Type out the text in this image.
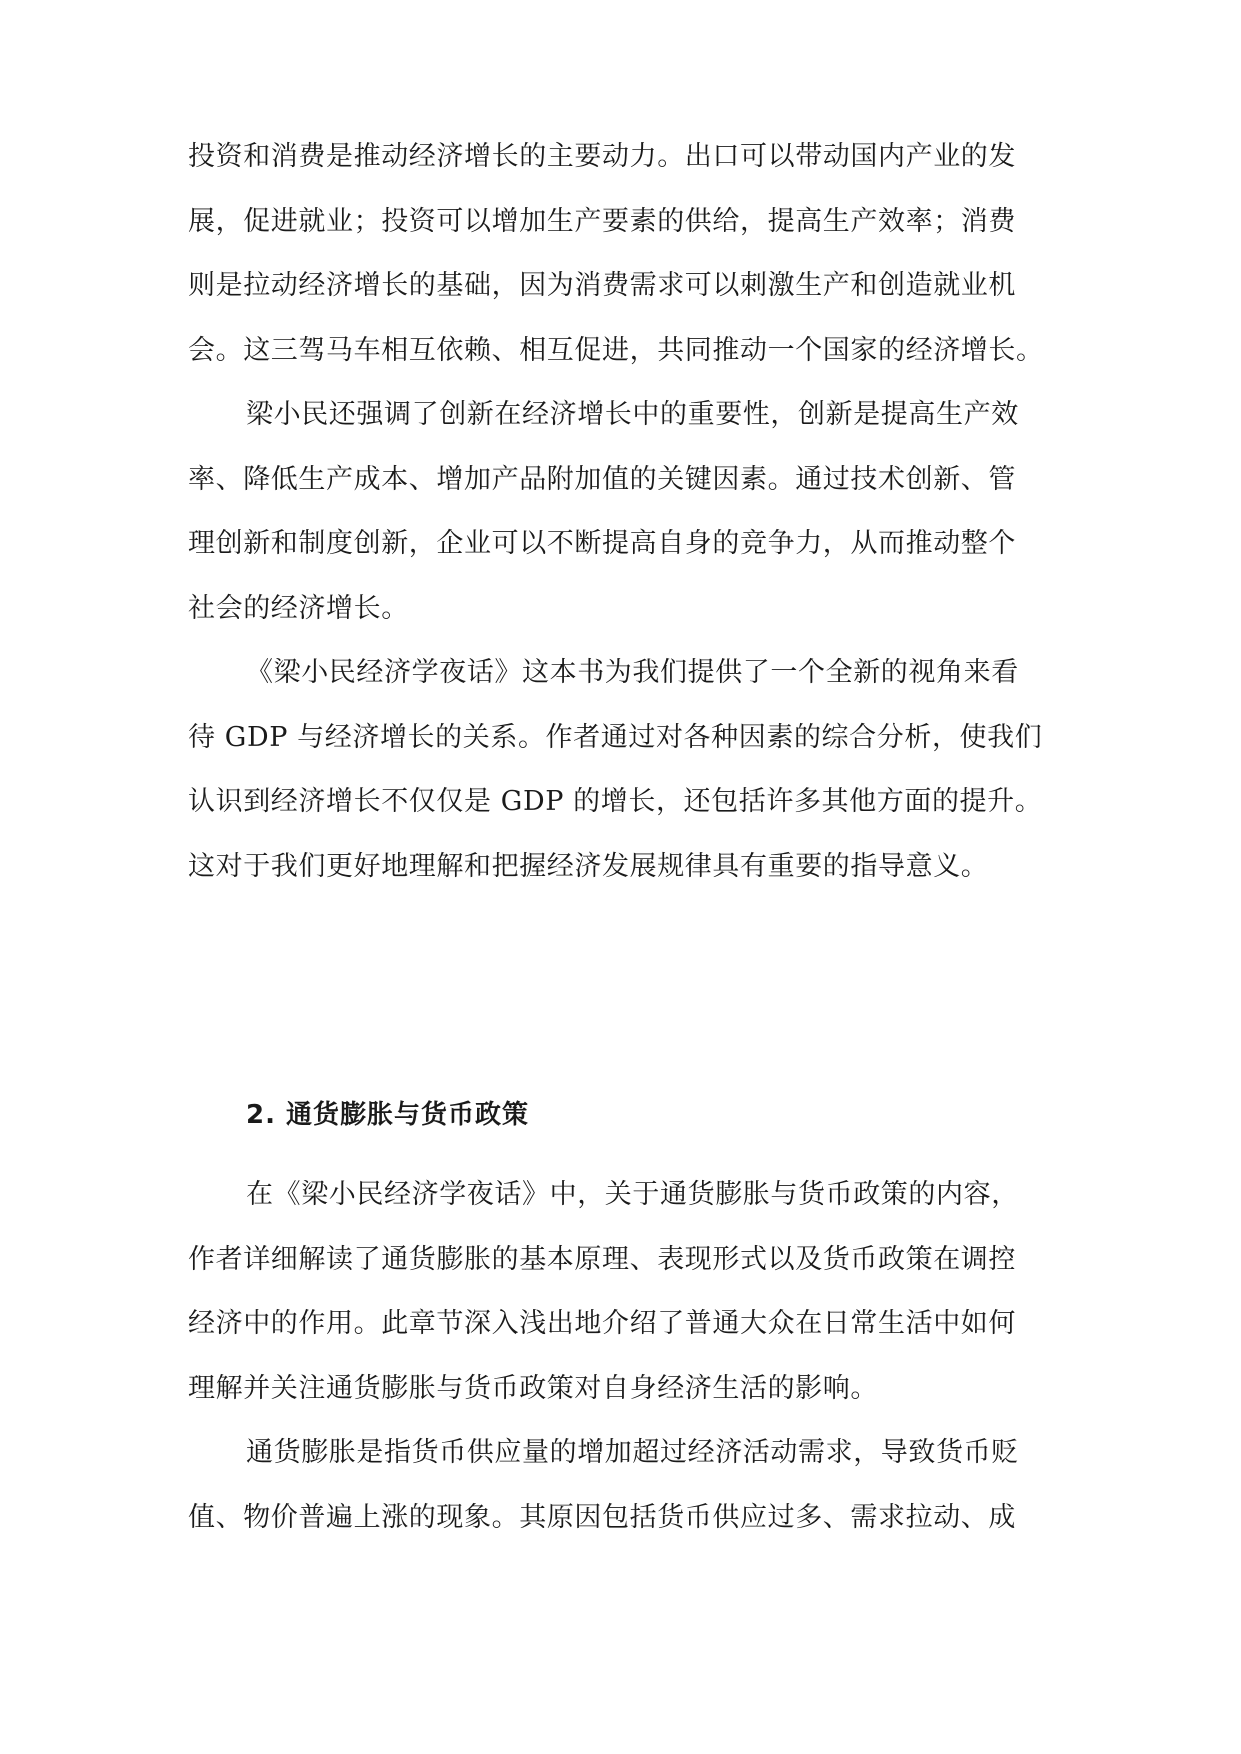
投资和消费是推动经济增长的主要动力。出口可以带动国内产业的发
展，促进就业；投资可以增加生产要素的供给，提高生产效率；消费
则是拉动经济增长的基础，因为消费需求可以刺激生产和创造就业机
会。这三驾马车相互依赖、相互促进，共同推动一个国家的经济增长。
梁小民还强调了创新在经济增长中的重要性，创新是提高生产效
率、降低生产成本、增加产品附加值的关键因素。通过技术创新、管
理创新和制度创新，企业可以不断提高自身的竞争力，从而推动整个
社会的经济增长。
《梁小民经济学夜话》这本书为我们提供了一个全新的视角来看
待 GDP 与经济增长的关系。作者通过对各种因素的综合分析，使我们
认识到经济增长不仅仅是 GDP 的增长，还包括许多其他方面的提升。
这对于我们更好地理解和把握经济发展规律具有重要的指导意义。
2. 通货膨胀与货币政策
在《梁小民经济学夜话》中，关于通货膨胀与货币政策的内容，
作者详细解读了通货膨胀的基本原理、表现形式以及货币政策在调控
经济中的作用。此章节深入浅出地介绍了普通大众在日常生活中如何
理解并关注通货膨胀与货币政策对自身经济生活的影响。
通货膨胀是指货币供应量的增加超过经济活动需求，导致货币贬
值、物价普遍上涨的现象。其原因包括货币供应过多、需求拉动、成
